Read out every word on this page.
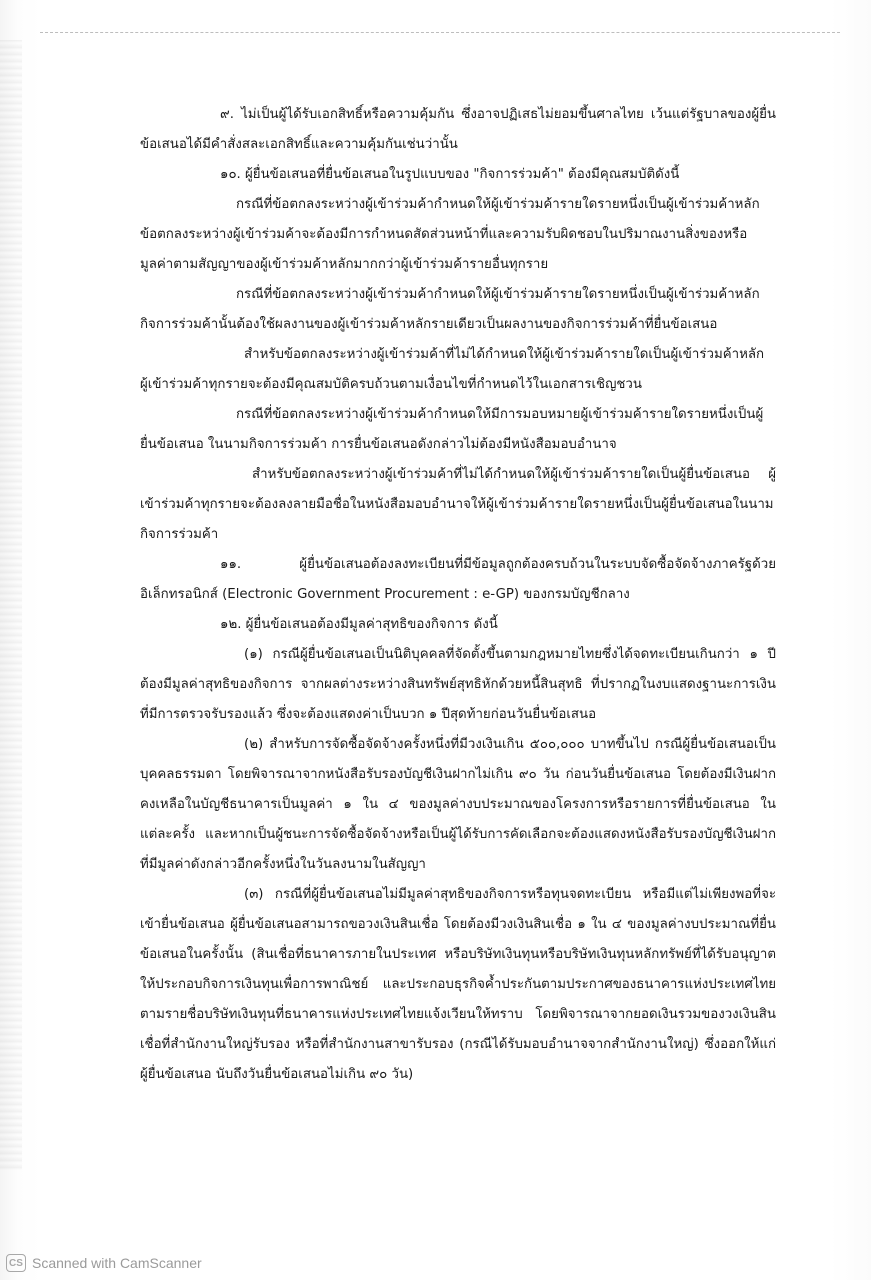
๙. ไม่เป็นผู้ได้รับเอกสิทธิ์หรือความคุ้มกัน ซึ่งอาจปฏิเสธไม่ยอมขึ้นศาลไทย เว้นแต่รัฐบาลของผู้ยื่นข้อเสนอได้มีคำสั่งสละเอกสิทธิ์และความคุ้มกันเช่นว่านั้น

๑๐. ผู้ยื่นข้อเสนอที่ยื่นข้อเสนอในรูปแบบของ "กิจการร่วมค้า" ต้องมีคุณสมบัติดังนี้

กรณีที่ข้อตกลงระหว่างผู้เข้าร่วมค้ากำหนดให้ผู้เข้าร่วมค้ารายใดรายหนึ่งเป็นผู้เข้าร่วมค้าหลัก ข้อตกลงระหว่างผู้เข้าร่วมค้าจะต้องมีการกำหนดสัดส่วนหน้าที่และความรับผิดชอบในปริมาณงานสิ่งของหรือมูลค่าตามสัญญาของผู้เข้าร่วมค้าหลักมากกว่าผู้เข้าร่วมค้ารายอื่นทุกราย

กรณีที่ข้อตกลงระหว่างผู้เข้าร่วมค้ากำหนดให้ผู้เข้าร่วมค้ารายใดรายหนึ่งเป็นผู้เข้าร่วมค้าหลัก กิจการร่วมค้านั้นต้องใช้ผลงานของผู้เข้าร่วมค้าหลักรายเดียวเป็นผลงานของกิจการร่วมค้าที่ยื่นข้อเสนอ

สำหรับข้อตกลงระหว่างผู้เข้าร่วมค้าที่ไม่ได้กำหนดให้ผู้เข้าร่วมค้ารายใดเป็นผู้เข้าร่วมค้าหลัก ผู้เข้าร่วมค้าทุกรายจะต้องมีคุณสมบัติครบถ้วนตามเงื่อนไขที่กำหนดไว้ในเอกสารเชิญชวน

กรณีที่ข้อตกลงระหว่างผู้เข้าร่วมค้ากำหนดให้มีการมอบหมายผู้เข้าร่วมค้ารายใดรายหนึ่งเป็นผู้ยื่นข้อเสนอ ในนามกิจการร่วมค้า การยื่นข้อเสนอดังกล่าวไม่ต้องมีหนังสือมอบอำนาจ

สำหรับข้อตกลงระหว่างผู้เข้าร่วมค้าที่ไม่ได้กำหนดให้ผู้เข้าร่วมค้ารายใดเป็นผู้ยื่นข้อเสนอ ผู้เข้าร่วมค้าทุกรายจะต้องลงลายมือชื่อในหนังสือมอบอำนาจให้ผู้เข้าร่วมค้ารายใดรายหนึ่งเป็นผู้ยื่นข้อเสนอในนามกิจการร่วมค้า

๑๑. ผู้ยื่นข้อเสนอต้องลงทะเบียนที่มีข้อมูลถูกต้องครบถ้วนในระบบจัดซื้อจัดจ้างภาครัฐด้วยอิเล็กทรอนิกส์ (Electronic Government Procurement : e-GP) ของกรมบัญชีกลาง

๑๒. ผู้ยื่นข้อเสนอต้องมีมูลค่าสุทธิของกิจการ ดังนี้

(๑) กรณีผู้ยื่นข้อเสนอเป็นนิติบุคคลที่จัดตั้งขึ้นตามกฎหมายไทยซึ่งได้จดทะเบียนเกินกว่า ๑ ปี ต้องมีมูลค่าสุทธิของกิจการ จากผลต่างระหว่างสินทรัพย์สุทธิหักด้วยหนี้สินสุทธิ ที่ปรากฏในงบแสดงฐานะการเงินที่มีการตรวจรับรองแล้ว ซึ่งจะต้องแสดงค่าเป็นบวก ๑ ปีสุดท้ายก่อนวันยื่นข้อเสนอ

(๒) สำหรับการจัดซื้อจัดจ้างครั้งหนึ่งที่มีวงเงินเกิน ๕๐๐,๐๐๐ บาทขึ้นไป กรณีผู้ยื่นข้อเสนอเป็นบุคคลธรรมดา โดยพิจารณาจากหนังสือรับรองบัญชีเงินฝากไม่เกิน ๙๐ วัน ก่อนวันยื่นข้อเสนอ โดยต้องมีเงินฝากคงเหลือในบัญชีธนาคารเป็นมูลค่า ๑ ใน ๔ ของมูลค่างบประมาณของโครงการหรือรายการที่ยื่นข้อเสนอ ในแต่ละครั้ง และหากเป็นผู้ชนะการจัดซื้อจัดจ้างหรือเป็นผู้ได้รับการคัดเลือกจะต้องแสดงหนังสือรับรองบัญชีเงินฝากที่มีมูลค่าดังกล่าวอีกครั้งหนึ่งในวันลงนามในสัญญา

(๓) กรณีที่ผู้ยื่นข้อเสนอไม่มีมูลค่าสุทธิของกิจการหรือทุนจดทะเบียน หรือมีแต่ไม่เพียงพอที่จะเข้ายื่นข้อเสนอ ผู้ยื่นข้อเสนอสามารถขอวงเงินสินเชื่อ โดยต้องมีวงเงินสินเชื่อ ๑ ใน ๔ ของมูลค่างบประมาณที่ยื่นข้อเสนอในครั้งนั้น (สินเชื่อที่ธนาคารภายในประเทศ หรือบริษัทเงินทุนหรือบริษัทเงินทุนหลักทรัพย์ที่ได้รับอนุญาตให้ประกอบกิจการเงินทุนเพื่อการพาณิชย์ และประกอบธุรกิจค้ำประกันตามประกาศของธนาคารแห่งประเทศไทย ตามรายชื่อบริษัทเงินทุนที่ธนาคารแห่งประเทศไทยแจ้งเวียนให้ทราบ โดยพิจารณาจากยอดเงินรวมของวงเงินสินเชื่อที่สำนักงานใหญ่รับรอง หรือที่สำนักงานสาขารับรอง (กรณีได้รับมอบอำนาจจากสำนักงานใหญ่) ซึ่งออกให้แก่ผู้ยื่นข้อเสนอ นับถึงวันยื่นข้อเสนอไม่เกิน ๙๐ วัน)

CS Scanned with CamScanner
